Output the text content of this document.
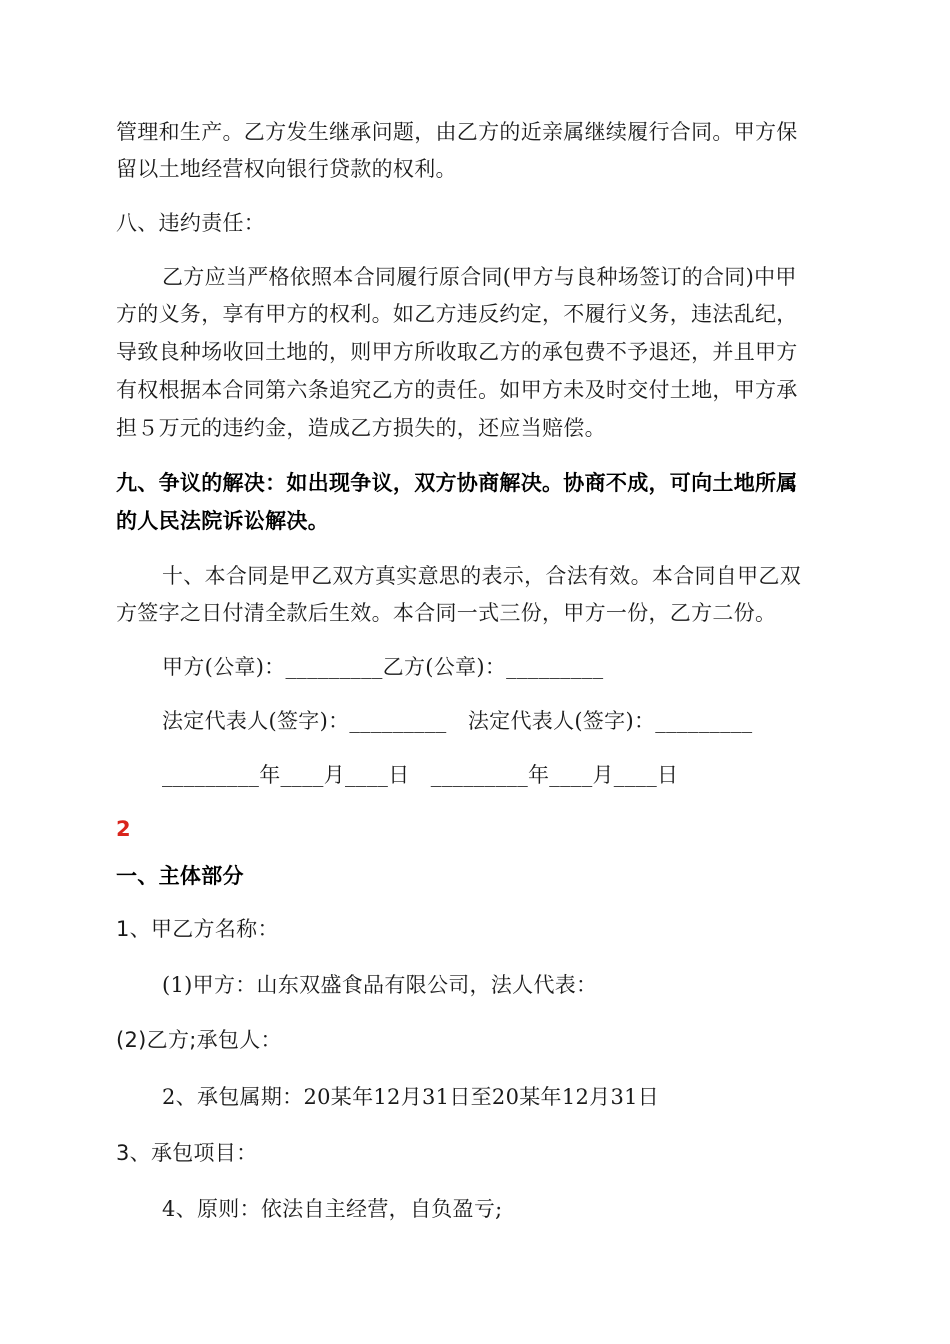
管理和生产。乙方发生继承问题，由乙方的近亲属继续履行合同。甲方保
留以土地经营权向银行贷款的权利。
八、违约责任：
乙方应当严格依照本合同履行原合同(甲方与良种场签订的合同)中甲
方的义务，享有甲方的权利。如乙方违反约定，不履行义务，违法乱纪，
导致良种场收回土地的，则甲方所收取乙方的承包费不予退还，并且甲方
有权根据本合同第六条追究乙方的责任。如甲方未及时交付土地，甲方承
担５万元的违约金，造成乙方损失的，还应当赔偿。
九、争议的解决：如出现争议，双方协商解决。协商不成，可向土地所属
的人民法院诉讼解决。
十、本合同是甲乙双方真实意思的表示，合法有效。本合同自甲乙双
方签字之日付清全款后生效。本合同一式三份，甲方一份，乙方二份。
甲方(公章)：_________乙方(公章)：_________
法定代表人(签字)：_________　法定代表人(签字)：_________
_________年____月____日　_________年____月____日
2
一、主体部分
1、甲乙方名称：
(1)甲方：山东双盛食品有限公司，法人代表：
(2)乙方;承包人：
2、承包属期：20某年12月31日至20某年12月31日
3、承包项目：
4、原则：依法自主经营，自负盈亏;
